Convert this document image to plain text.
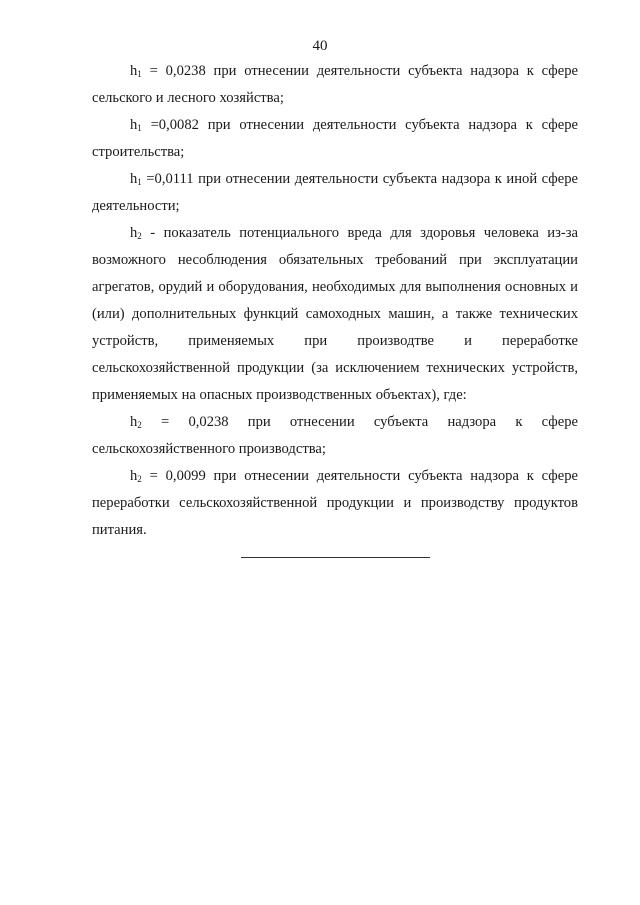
40

$h_1 = 0,0238$ при отнесении деятельности субъекта надзора к сфере сельского и лесного хозяйства;

$h_1 =0,0082$ при отнесении деятельности субъекта надзора к сфере строительства;

$h_1 =0,0111$ при отнесении деятельности субъекта надзора к иной сфере деятельности;

$h_2$ - показатель потенциального вреда для здоровья человека из-за возможного несоблюдения обязательных требований при эксплуатации агрегатов, орудий и оборудования, необходимых для выполнения основных и (или) дополнительных функций самоходных машин, а также технических устройств, применяемых при производтве и переработке сельскохозяйственной продукции (за исключением технических устройств, применяемых на опасных производственных объектах), где:

$h_2 = 0,0238$ при отнесении субъекта надзора к сфере сельскохозяйственного производства;

$h_2 = 0,0099$ при отнесении деятельности субъекта надзора к сфере переработки сельскохозяйственной продукции и производству продуктов питания.
